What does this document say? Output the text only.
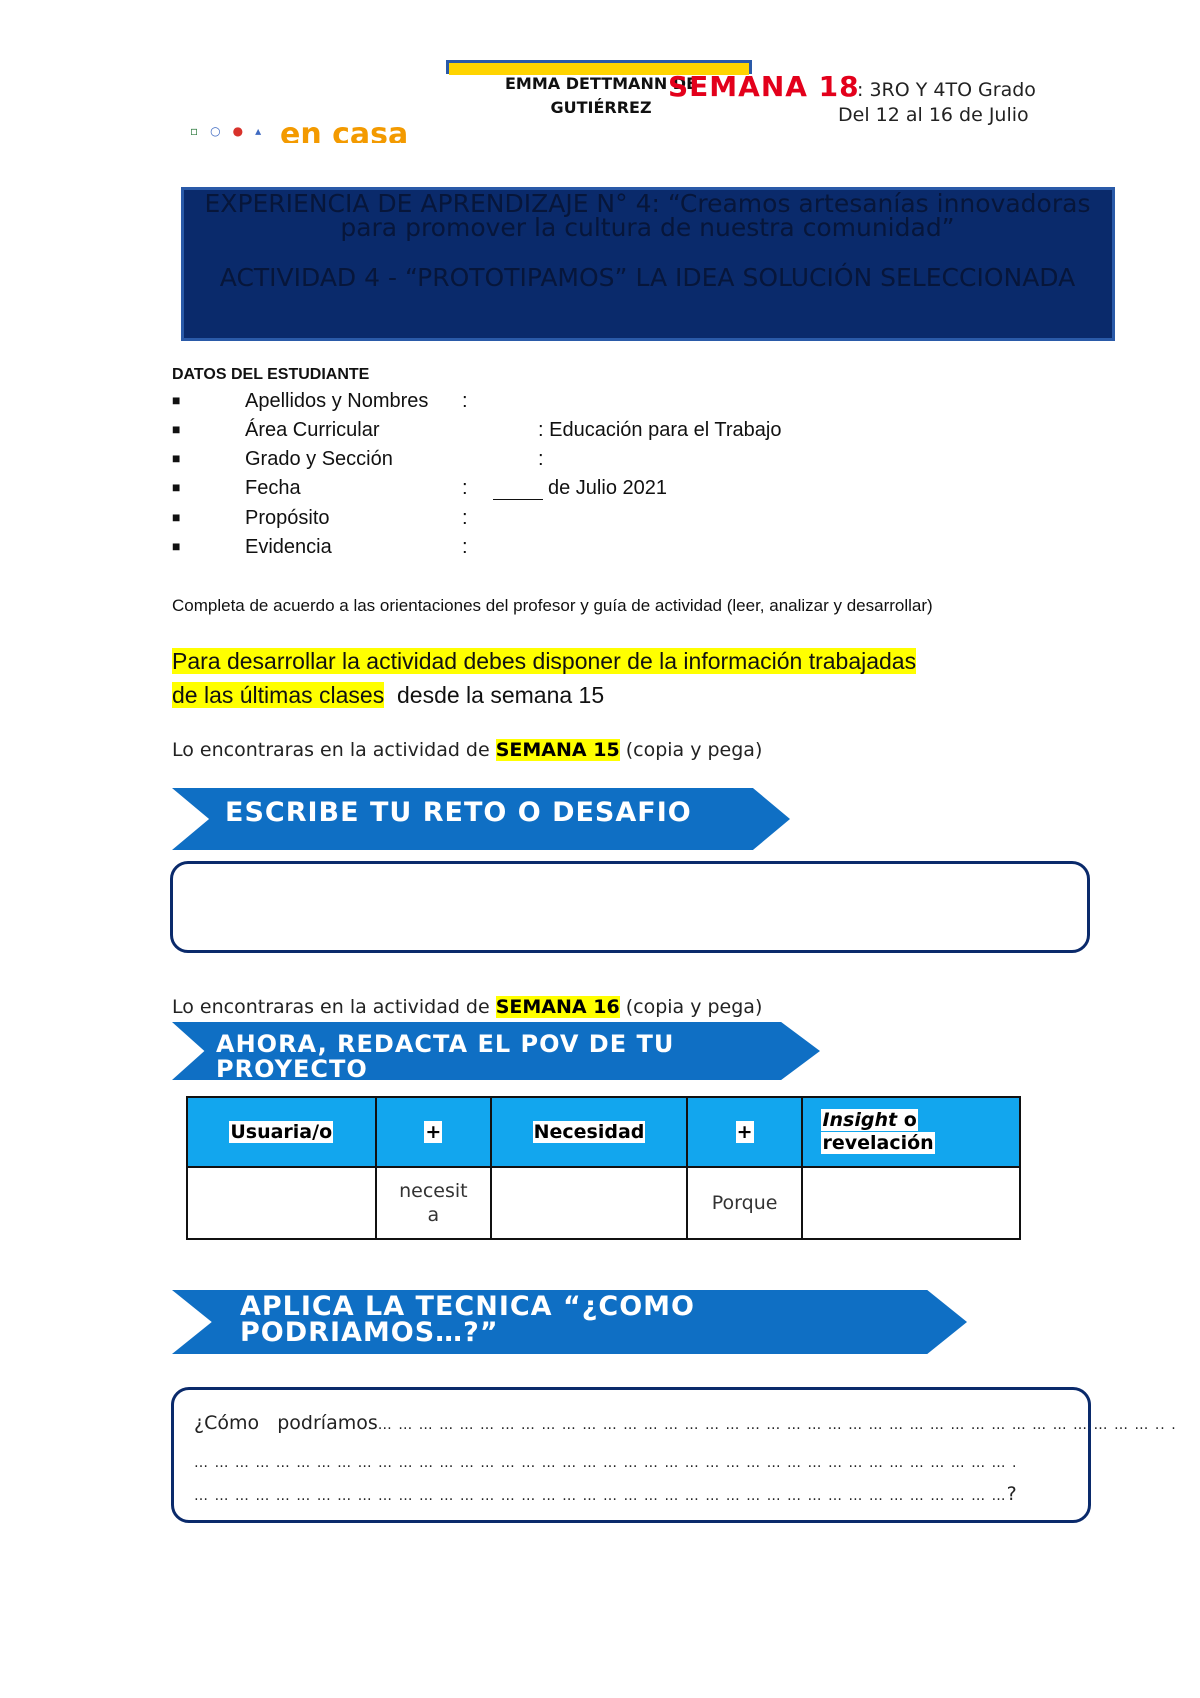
EMMA DETTMANN DE
GUTIÉRREZ
SEMANA 18
: 3RO Y 4TO Grado
Del 12 al 16 de Julio
▫○●▴ en casa
EXPERIENCIA DE APRENDIZAJE N° 4: “Creamos artesanías innovadoras para promover la cultura de nuestra comunidad”
ACTIVIDAD 4 - “PROTOTIPAMOS” LA IDEA SOLUCIÓN SELECCIONADA
DATOS DEL ESTUDIANTE
■	Apellidos y Nombres :
■	Área Curricular	: Educación para el Trabajo
■	Grado y Sección	:
■	Fecha	:	de Julio 2021
■	Propósito	:
■	Evidencia	:
Completa de acuerdo a las orientaciones del profesor y guía de actividad (leer, analizar y desarrollar)
Para desarrollar la actividad debes disponer de la información trabajadas
de las últimas clases  desde la semana 15
Lo encontraras en la actividad de SEMANA 15 (copia y pega)
ESCRIBE TU RETO O DESAFIO
Lo encontraras en la actividad de SEMANA 16 (copia y pega)
AHORA, REDACTA EL POV DE TU PROYECTO
Usuaria/o	+	Necesidad	+	Insight o
revelación

	necesit a		Porque	
APLICA LA TECNICA “¿COMO PODRIAMOS…?”
¿Cómo   podríamos… … … … … … … … … … … … … … … … … … … … … … … … … … … … … … … … … … … … … … .. .
… … … … … … … … … … … … … … … … … … … … … … … … … … … … … … … … … … … … … … … … .
… … … … … … … … … … … … … … … … … … … … … … … … … … … … … … … … … … … … … … … …?
